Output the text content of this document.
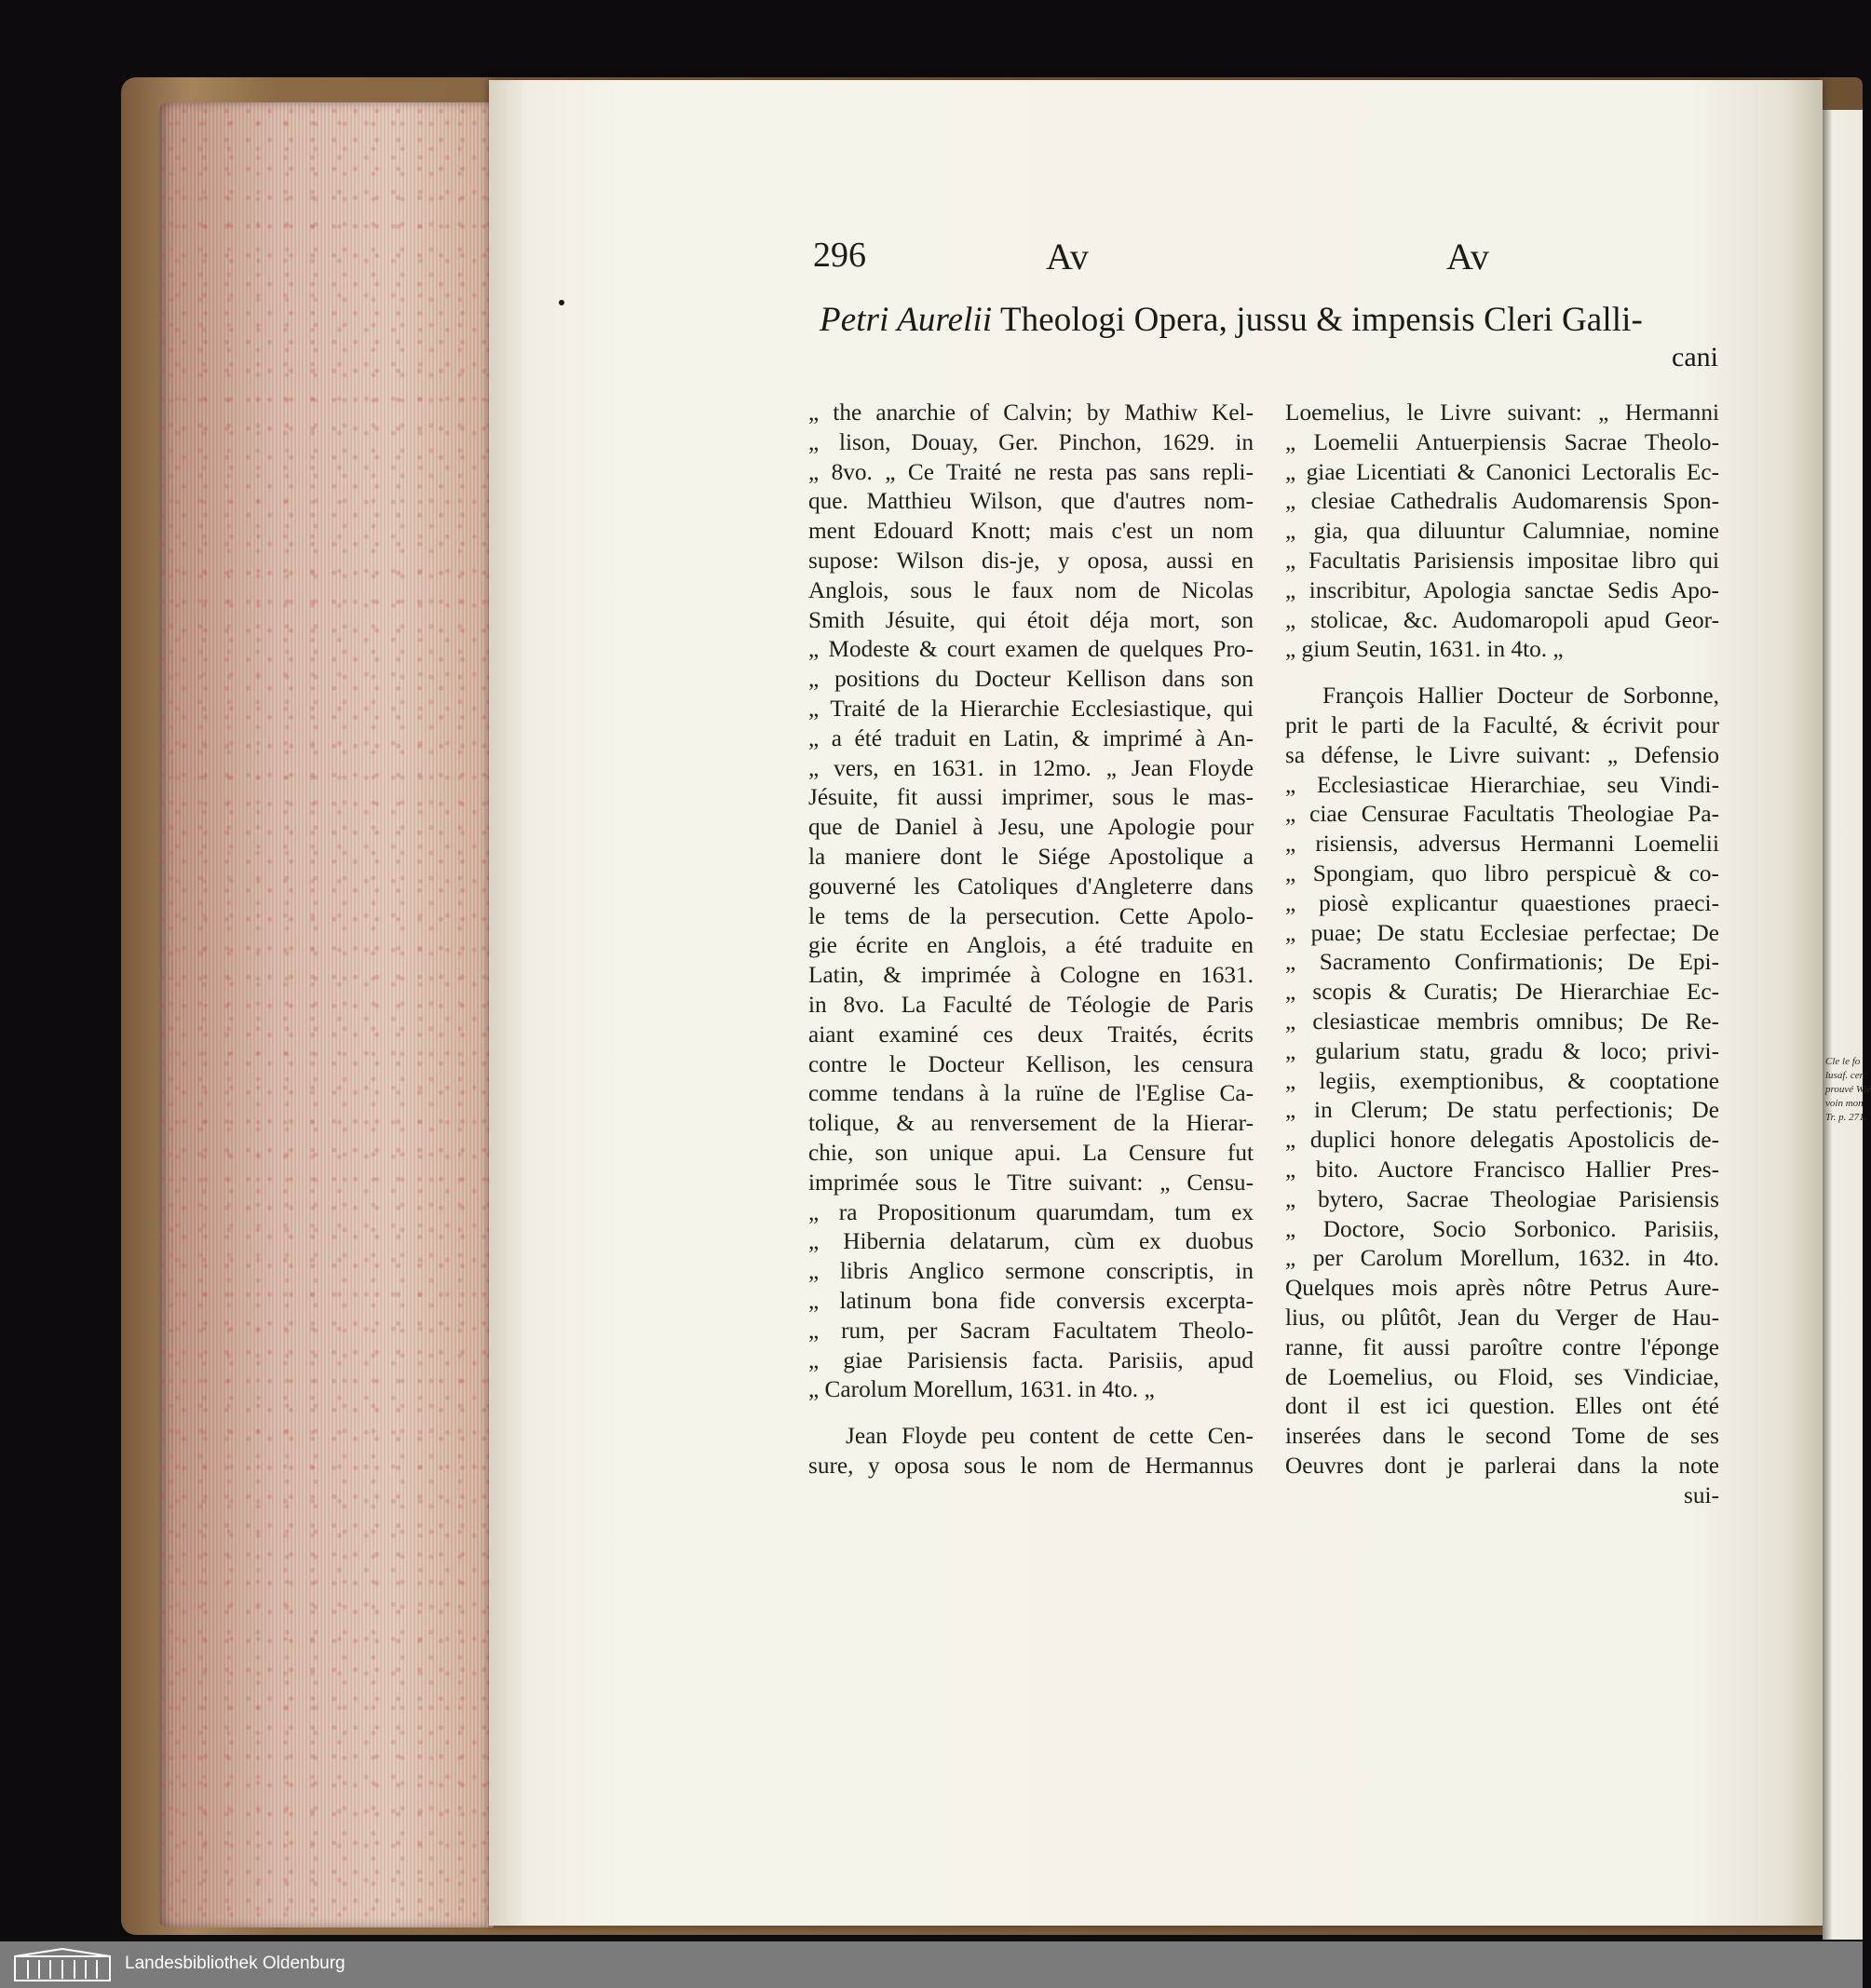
Cle le fo
lusaf. cen
prouvé Wié
voin mon
Tr. p. 271.
296	Av	Av
Petri Aurelii Theologi Opera, jussu & impensis Cleri Galli-
cani
„ the anarchie of Calvin; by Mathiw Kel-
„ lison, Douay, Ger. Pinchon, 1629. in
„ 8vo. „ Ce Traité ne resta pas sans repli-
que. Matthieu Wilson, que d'autres nom-
ment Edouard Knott; mais c'est un nom
supose: Wilson dis-je, y oposa, aussi en
Anglois, sous le faux nom de Nicolas
Smith Jésuite, qui étoit déja mort, son
„ Modeste & court examen de quelques Pro-
„ positions du Docteur Kellison dans son
„ Traité de la Hierarchie Ecclesiastique, qui
„ a été traduit en Latin, & imprimé à An-
„ vers, en 1631. in 12mo. „ Jean Floyde
Jésuite, fit aussi imprimer, sous le mas-
que de Daniel à Jesu, une Apologie pour
la maniere dont le Siége Apostolique a
gouverné les Catoliques d'Angleterre dans
le tems de la persecution. Cette Apolo-
gie écrite en Anglois, a été traduite en
Latin, & imprimée à Cologne en 1631.
in 8vo. La Faculté de Téologie de Paris
aiant examiné ces deux Traités, écrits
contre le Docteur Kellison, les censura
comme tendans à la ruïne de l'Eglise Ca-
tolique, & au renversement de la Hierar-
chie, son unique apui. La Censure fut
imprimée sous le Titre suivant: „ Censu-
„ ra Propositionum quarumdam, tum ex
„ Hibernia delatarum, cùm ex duobus
„ libris Anglico sermone conscriptis, in
„ latinum bona fide conversis excerpta-
„ rum, per Sacram Facultatem Theolo-
„ giae Parisiensis facta. Parisiis, apud
„ Carolum Morellum, 1631. in 4to. „
Jean Floyde peu content de cette Cen-
sure, y oposa sous le nom de Hermannus
Loemelius, le Livre suivant: „ Hermanni
„ Loemelii Antuerpiensis Sacrae Theolo-
„ giae Licentiati & Canonici Lectoralis Ec-
„ clesiae Cathedralis Audomarensis Spon-
„ gia, qua diluuntur Calumniae, nomine
„ Facultatis Parisiensis impositae libro qui
„ inscribitur, Apologia sanctae Sedis Apo-
„ stolicae, &c. Audomaropoli apud Geor-
„ gium Seutin, 1631. in 4to. „
François Hallier Docteur de Sorbonne,
prit le parti de la Faculté, & écrivit pour
sa défense, le Livre suivant: „ Defensio
„ Ecclesiasticae Hierarchiae, seu Vindi-
„ ciae Censurae Facultatis Theologiae Pa-
„ risiensis, adversus Hermanni Loemelii
„ Spongiam, quo libro perspicuè & co-
„ piosè explicantur quaestiones praeci-
„ puae; De statu Ecclesiae perfectae; De
„ Sacramento Confirmationis; De Epi-
„ scopis & Curatis; De Hierarchiae Ec-
„ clesiasticae membris omnibus; De Re-
„ gularium statu, gradu & loco; privi-
„ legiis, exemptionibus, & cooptatione
„ in Clerum; De statu perfectionis; De
„ duplici honore delegatis Apostolicis de-
„ bito. Auctore Francisco Hallier Pres-
„ bytero, Sacrae Theologiae Parisiensis
„ Doctore, Socio Sorbonico. Parisiis,
„ per Carolum Morellum, 1632. in 4to.
Quelques mois après nôtre Petrus Aure-
lius, ou plûtôt, Jean du Verger de Hau-
ranne, fit aussi paroître contre l'éponge
de Loemelius, ou Floid, ses Vindiciae,
dont il est ici question. Elles ont été
inserées dans le second Tome de ses
Oeuvres dont je parlerai dans la note
sui-
Landesbibliothek Oldenburg
